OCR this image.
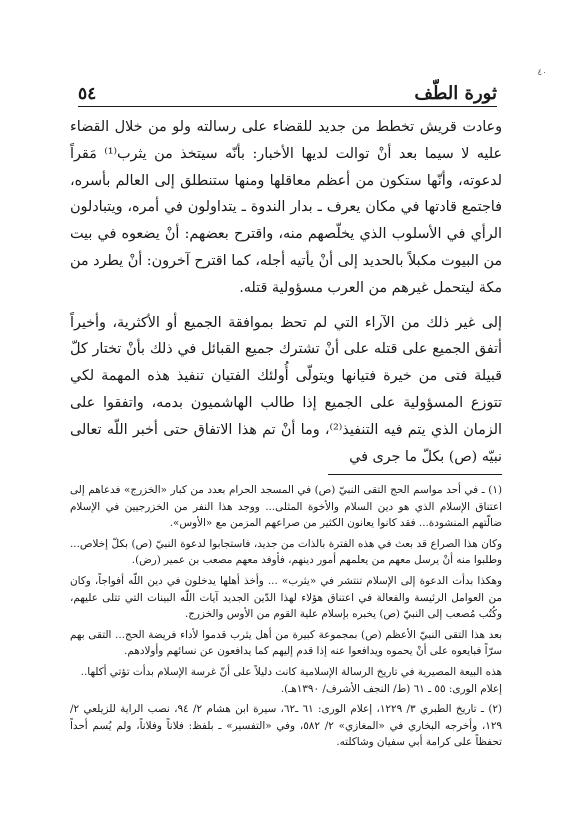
٤٠
٥٤	ثورة الطّف

وعادت قريش تخطط من جديد للقضاء على رسالته ولو من خلال القضاء عليه لا سيما بعد أنْ توالت لديها الأخبار: بأنّه سيتخذ من يثرب⁽¹⁾ مَقراً لدعوته، وأنّها ستكون من أعظم معاقلها ومنها ستنطلق إلى العالم بأسره، فاجتمع قادتها في مكان يعرف ـ بدار الندوة ـ يتداولون في أمره، ويتبادلون الرأي في الأسلوب الذي يخلّصهم منه، واقترح بعضهم: أنْ يضعوه في بيت من البيوت مكبلاً بالحديد إلى أنْ يأتيه أجله، كما اقترح آخرون: أنْ يطرد من مكة ليتحمل غيرهم من العرب مسؤولية قتله.

إلى غير ذلك من الآراء التي لم تحظ بموافقة الجميع أو الأكثرية، وأخيراً أتفق الجميع على قتله على أنْ تشترك جميع القبائل في ذلك بأنْ تختار كلّ قبيلة فتى من خيرة فتيانها ويتولّى أُولئك الفتيان تنفيذ هذه المهمة لكي تتوزع المسؤولية على الجميع إذا طالب الهاشميون بدمه، واتفقوا على الزمان الذي يتم فيه التنفيذ⁽²⁾، وما أنْ تم هذا الاتفاق حتى أخبر اللّه تعالى نبيّه (ص) بكلّ ما جرى في

(١) ـ في أحد مواسم الحج التقى النبيّ (ص) في المسجد الحرام بعدد من كبار «الخزرج» فدعاهم إلى اعتناق الإسلام الذي هو دين السلام والأخوة المثلى... ووجد هذا النفر من الخزرجيين في الإسلام ضالّتهم المنشودة... فقد كانوا يعانون الكثير من صراعهم المزمن مع «الأوس».

وكان هذا الصراع قد بعث في هذه الفترة بالذات من جديد، فاستجابوا لدعوة النبيّ (ص) بكلّ إخلاص... وطلبوا منه أنْ يرسل معهم من يعلمهم أمور دينهم، فأوفد معهم مصعب بن عمير (رض).

وهكذا بدأت الدعوة إلى الإسلام تنتشر في «يثرب» ... وأخذ أهلها يدخلون في دين اللّه أفواجاً، وكان من العوامل الرئيسة والفعالة في اعتناق هؤلاء لهذا الدّين الجديد آيات اللّه البينات التي تتلى عليهم، وكُتُب مُصعب إلى النبيّ (ص) يخبره بإسلام علية القوم من الأوس والخزرج.

بعد هذا التقى النبيّ الأعظم (ص) بمجموعة كبيرة من أهل يثرب قدموا لأداء فريضة الحج... التقى بهم سرّاً فبايعوه على أنْ يحموه ويدافعوا عنه إذا قدم إليهم كما يدافعون عن نسائهم وأولادهم.

هذه البيعة المصيرية في تاريخ الرسالة الإسلامية كانت دليلاً على أنّ غرسة الإسلام بدأت تؤتي أكلها..

إعلام الورى: ٥٥ ـ ٦١ (ط/ النجف الأشرف/ ١٣٩٠هـ).

(٢) ـ تاريخ الطبري ٣/ ١٢٢٩، إعلام الورى: ٦١ ـ٦٢، سيرة ابن هشام ٢/ ٩٤، نصب الراية للزيلعي ٢/ ١٢٩، وأخرجه البخاري في «المغازي» ٢/ ٥٨٢، وفي «التفسير» ـ بلفظ: فلاناً وفلاناً، ولم يُسم أحداً تحفظاً على كرامة أبي سفيان وشاكلته.
